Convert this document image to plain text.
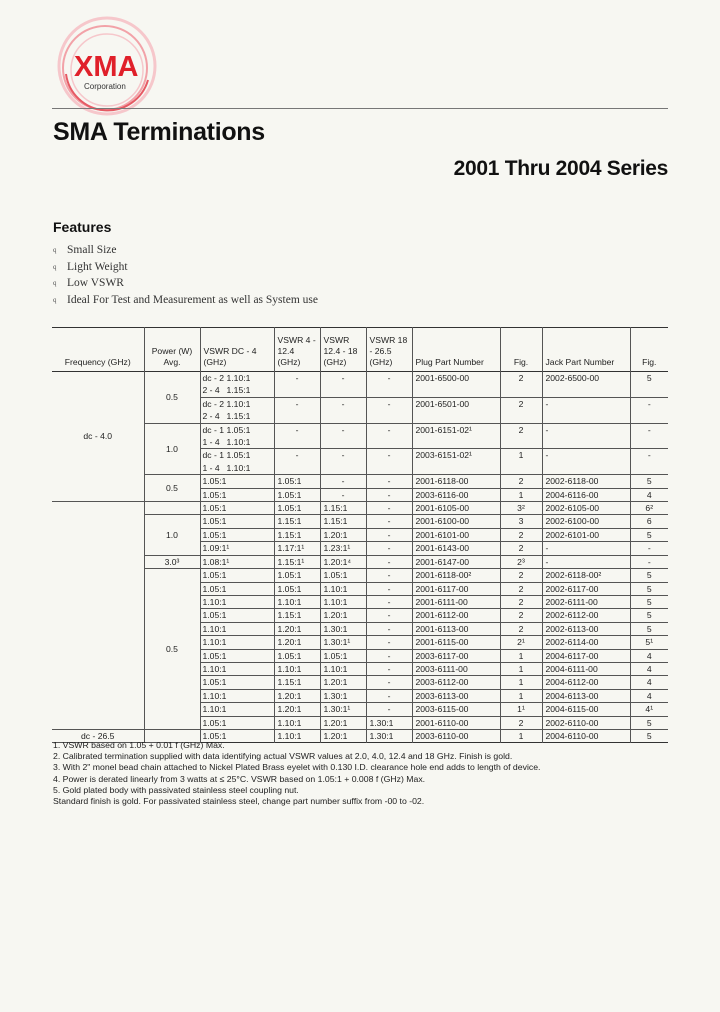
XMA
Corporation
SMA Terminations
2001 Thru 2004 Series
Features
q Small Size
q Light Weight
q Low VSWR
q Ideal For Test and Measurement as well as System use
Frequency (GHz)	Power (W) Avg.	VSWR DC - 4 (GHz)	VSWR 4 - 12.4 (GHz)	VSWR 12.4 - 18 (GHz)	VSWR 18 - 26.5 (GHz)	Plug Part Number	Fig.	Jack Part Number	Fig.
dc - 4.0	0.5	dc - 2 1.10:1	-	-	-	2001-6500-00	2	2002-6500-00	5
		2 - 4 1.15:1							
		dc - 2 1.10:1	-	-	-	2001-6501-00	2	-	-
		2 - 4 1.15:1							
	1.0	dc - 1 1.05:1	-	-	-	2001-6151-02¹	2	-	-
		1 - 4 1.10:1							
		dc - 1 1.05:1	-	-	-	2003-6151-02¹	1	-	-
		1 - 4 1.10:1							
	0.5	1.05:1	1.05:1	-	-	2001-6118-00	2	2002-6118-00	5
		1.05:1	1.05:1	-	-	2003-6116-00	1	2004-6116-00	4
		1.05:1	1.05:1	1.15:1	-	2001-6105-00	3²	2002-6105-00	6²
	1.0	1.05:1	1.15:1	1.15:1	-	2001-6100-00	3	2002-6100-00	6
		1.05:1	1.15:1	1.20:1	-	2001-6101-00	2	2002-6101-00	5
		1.09:1¹	1.17:1¹	1.23:1¹	-	2001-6143-00	2	-	-
	3.0³	1.08:1¹	1.15:1¹	1.20:1⁴	-	2001-6147-00	2³	-	-
	0.5	1.05:1	1.05:1	1.05:1	-	2001-6118-00²	2	2002-6118-00²	5
		1.05:1	1.05:1	1.10:1	-	2001-6117-00	2	2002-6117-00	5
		1.10:1	1.10:1	1.10:1	-	2001-6111-00	2	2002-6111-00	5
		1.05:1	1.15:1	1.20:1	-	2001-6112-00	2	2002-6112-00	5
		1.10:1	1.20:1	1.30:1	-	2001-6113-00	2	2002-6113-00	5
		1.10:1	1.20:1	1.30:1¹	-	2001-6115-00	2¹	2002-6114-00	5¹
		1.05:1	1.05:1	1.05:1	-	2003-6117-00	1	2004-6117-00	4
		1.10:1	1.10:1	1.10:1	-	2003-6111-00	1	2004-6111-00	4
		1.05:1	1.15:1	1.20:1	-	2003-6112-00	1	2004-6112-00	4
		1.10:1	1.20:1	1.30:1	-	2003-6113-00	1	2004-6113-00	4
		1.10:1	1.20:1	1.30:1¹	-	2003-6115-00	1¹	2004-6115-00	4¹
		1.05:1	1.10:1	1.20:1	1.30:1	2001-6110-00	2	2002-6110-00	5
dc - 26.5		1.05:1	1.10:1	1.20:1	1.30:1	2003-6110-00	1	2004-6110-00	5
1. VSWR based on 1.05 + 0.01 f (GHz) Max.
2. Calibrated termination supplied with data identifying actual VSWR values at 2.0, 4.0, 12.4 and 18 GHz. Finish is gold.
3. With 2" monel bead chain attached to Nickel Plated Brass eyelet with 0.130 I.D. clearance hole end adds to length of device.
4. Power is derated linearly from 3 watts at ≤ 25°C. VSWR based on 1.05:1 + 0.008 f (GHz) Max.
5. Gold plated body with passivated stainless steel coupling nut.
Standard finish is gold. For passivated stainless steel, change part number suffix from -00 to -02.
